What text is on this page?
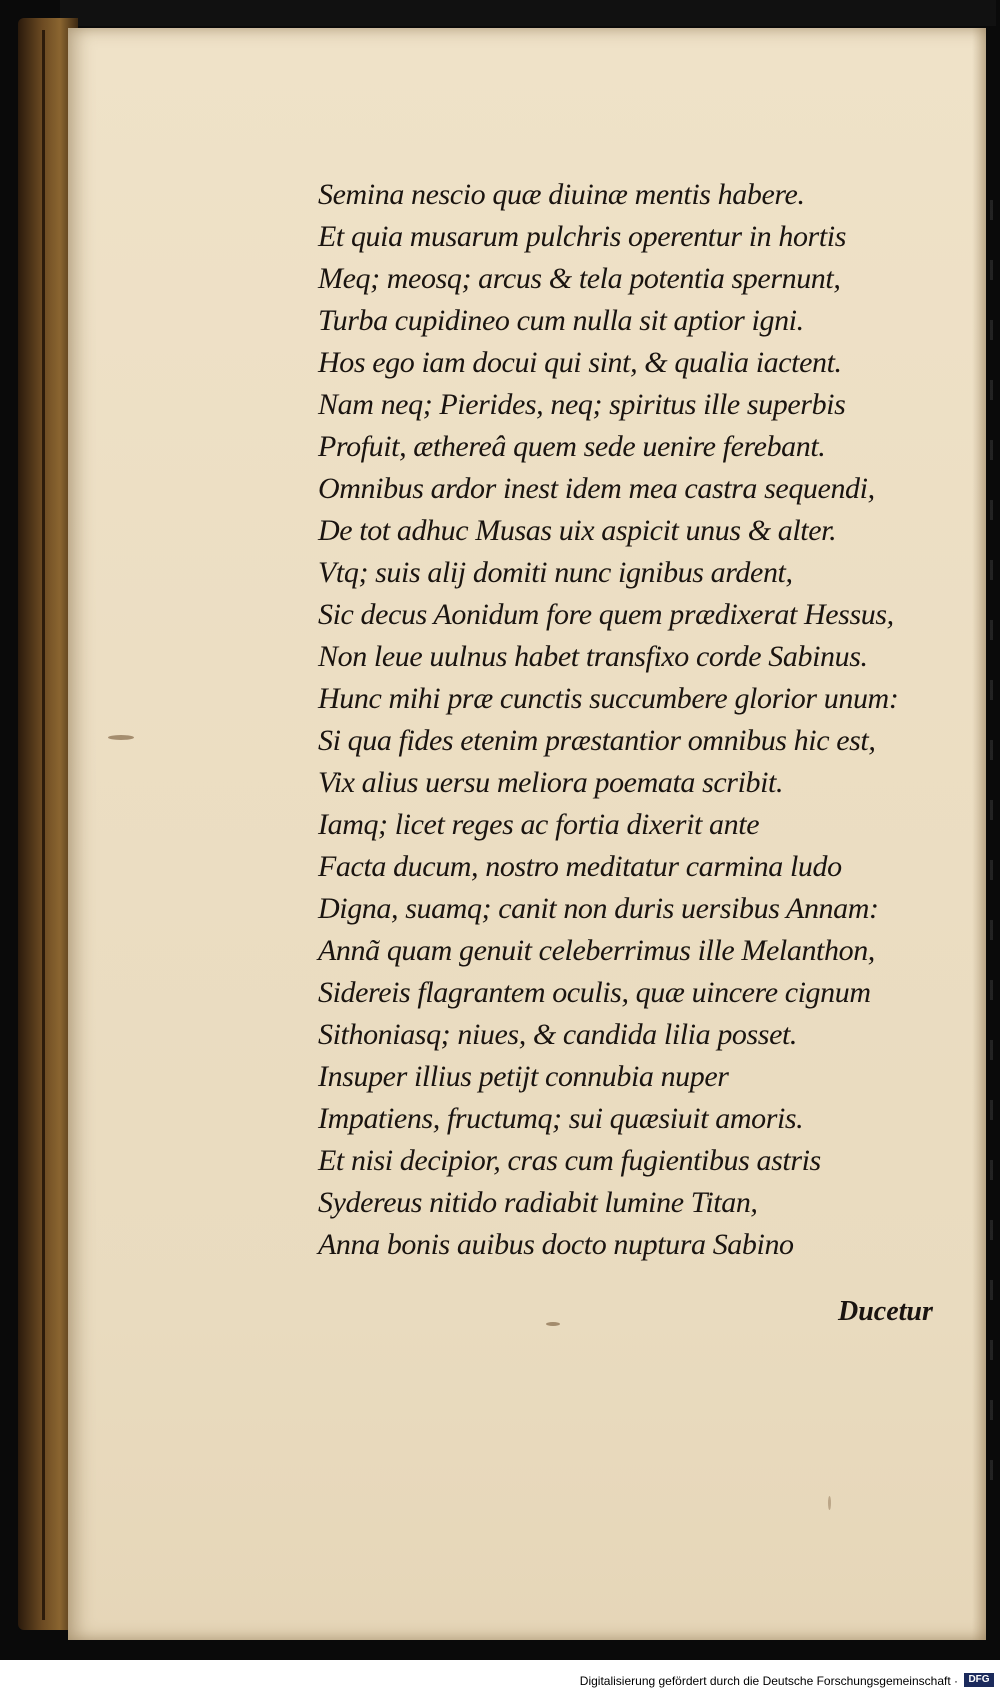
Semina nescio quæ diuinæ mentis habere.
Et quia musarum pulchris operentur in hortis
Meq; meosq; arcus & tela potentia spernunt,
Turba cupidineo cum nulla sit aptior igni.
Hos ego iam docui qui sint, & qualia iactent.
Nam neq; Pierides, neq; spiritus ille superbis
Profuit, æthereâ quem sede uenire ferebant.
Omnibus ardor inest idem mea castra sequendi,
De tot adhuc Musas uix aspicit unus & alter.
Vtq; suis alij domiti nunc ignibus ardent,
Sic decus Aonidum fore quem prædixerat Hessus,
Non leue uulnus habet transfixo corde Sabinus.
Hunc mihi præ cunctis succumbere glorior unum:
Si qua fides etenim præstantior omnibus hic est,
Vix alius uersu meliora poemata scribit.
Iamq; licet reges ac fortia dixerit ante
Facta ducum, nostro meditatur carmina ludo
Digna, suamq; canit non duris uersibus Annam:
Annã quam genuit celeberrimus ille Melanthon,
Sidereis flagrantem oculis, quæ uincere cignum
Sithoniasq; niues, & candida lilia posset.
Insuper illius petijt connubia nuper
Impatiens, fructumq; sui quæsiuit amoris.
Et nisi decipior, cras cum fugientibus astris
Sydereus nitido radiabit lumine Titan,
Anna bonis auibus docto nuptura Sabino
Ducetur
Digitalisierung gefördert durch die Deutsche Forschungsgemeinschaft ·	DFG
